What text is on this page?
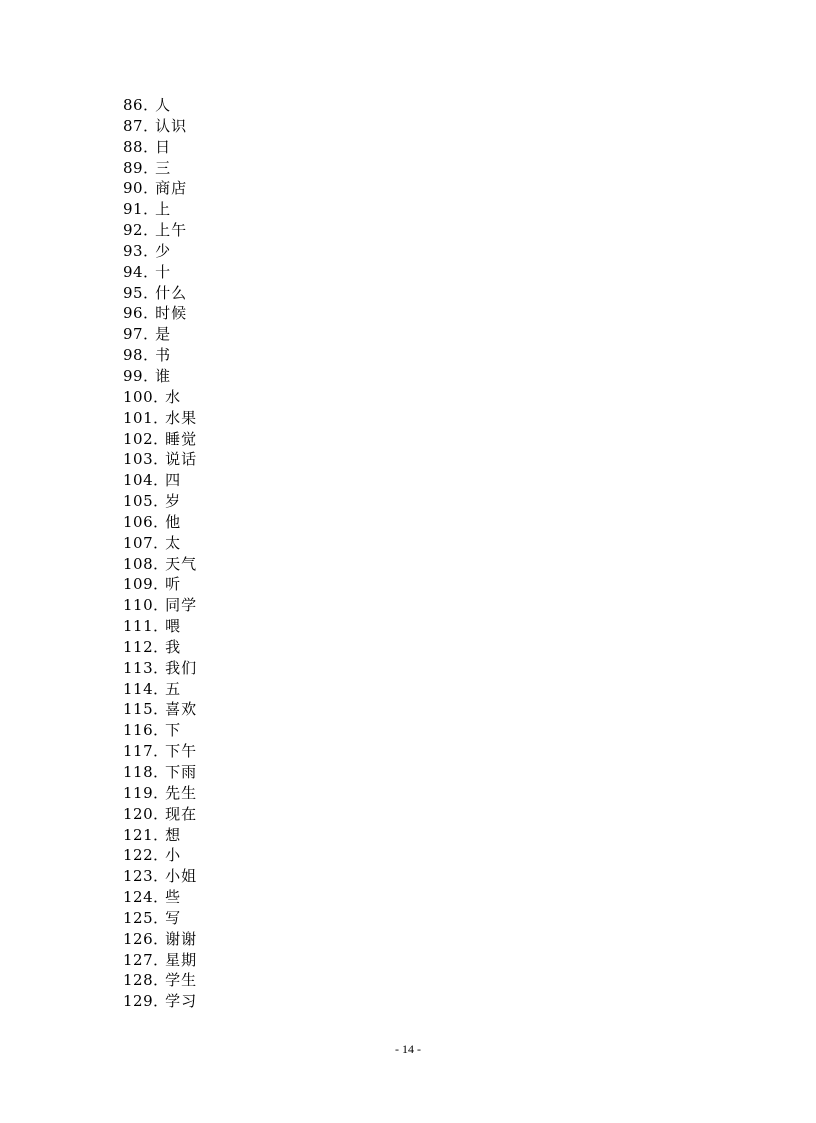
86．人
87．认识
88．日
89．三
90．商店
91．上
92．上午
93．少
94．十
95．什么
96．时候
97．是
98．书
99．谁
100．水
101．水果
102．睡觉
103．说话
104．四
105．岁
106．他
107．太
108．天气
109．听
110．同学
111．喂
112．我
113．我们
114．五
115．喜欢
116．下
117．下午
118．下雨
119．先生
120．现在
121．想
122．小
123．小姐
124．些
125．写
126．谢谢
127．星期
128．学生
129．学习
- 14 -
